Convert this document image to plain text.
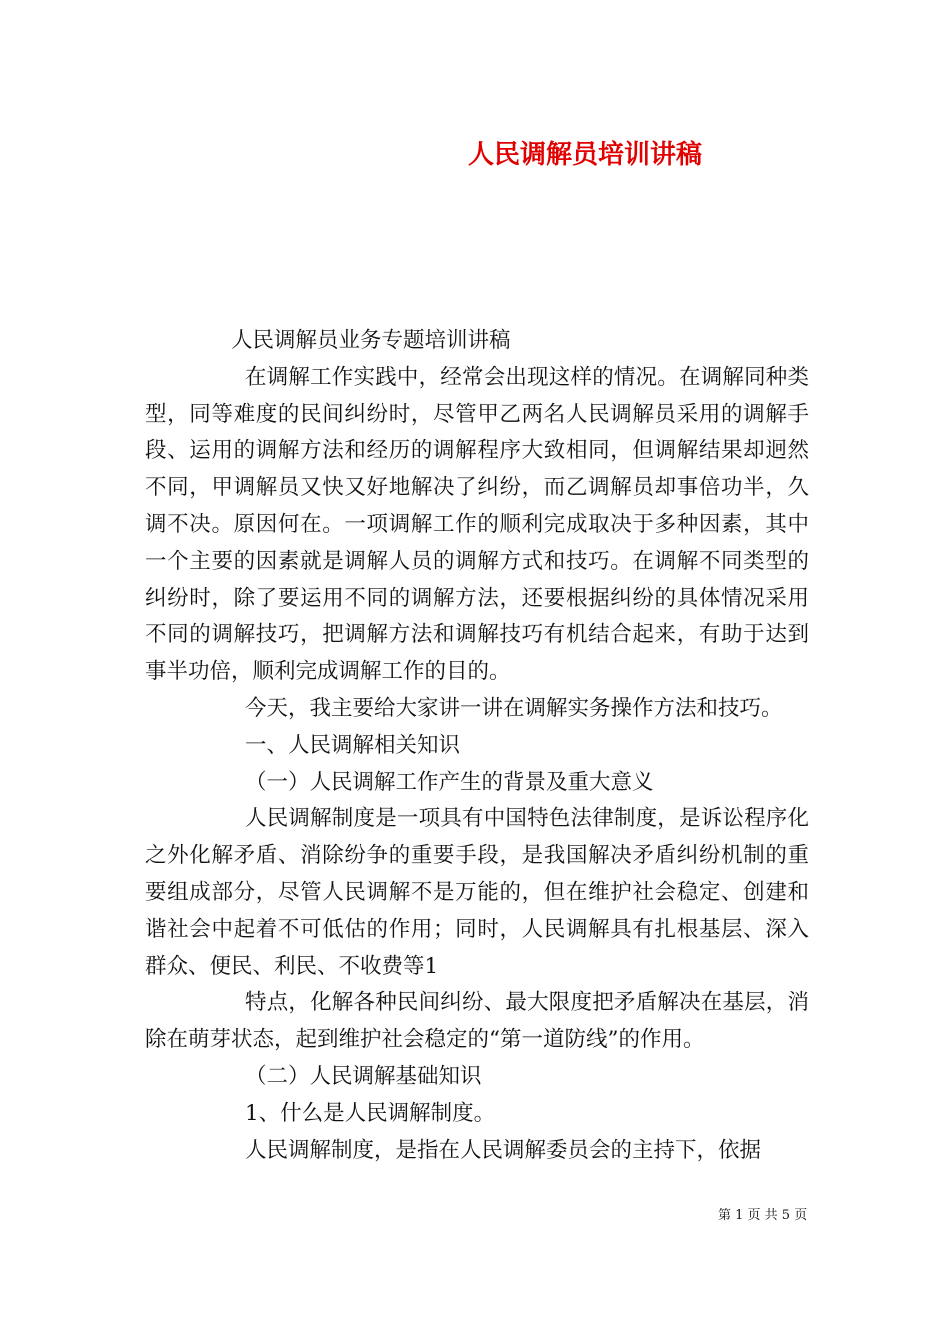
人民调解员培训讲稿

人民调解员业务专题培训讲稿

在调解工作实践中，经常会出现这样的情况。在调解同种类型，同等难度的民间纠纷时，尽管甲乙两名人民调解员采用的调解手段、运用的调解方法和经历的调解程序大致相同，但调解结果却迥然不同，甲调解员又快又好地解决了纠纷，而乙调解员却事倍功半，久调不决。原因何在。一项调解工作的顺利完成取决于多种因素，其中一个主要的因素就是调解人员的调解方式和技巧。在调解不同类型的纠纷时，除了要运用不同的调解方法，还要根据纠纷的具体情况采用不同的调解技巧，把调解方法和调解技巧有机结合起来，有助于达到事半功倍，顺利完成调解工作的目的。

今天，我主要给大家讲一讲在调解实务操作方法和技巧。

一、人民调解相关知识

（一）人民调解工作产生的背景及重大意义

人民调解制度是一项具有中国特色法律制度，是诉讼程序化之外化解矛盾、消除纷争的重要手段，是我国解决矛盾纠纷机制的重要组成部分，尽管人民调解不是万能的，但在维护社会稳定、创建和谐社会中起着不可低估的作用；同时，人民调解具有扎根基层、深入群众、便民、利民、不收费等1

特点，化解各种民间纠纷、最大限度把矛盾解决在基层，消除在萌芽状态，起到维护社会稳定的“第一道防线”的作用。

（二）人民调解基础知识

1、什么是人民调解制度。

人民调解制度，是指在人民调解委员会的主持下，依据

第 1 页 共 5 页
